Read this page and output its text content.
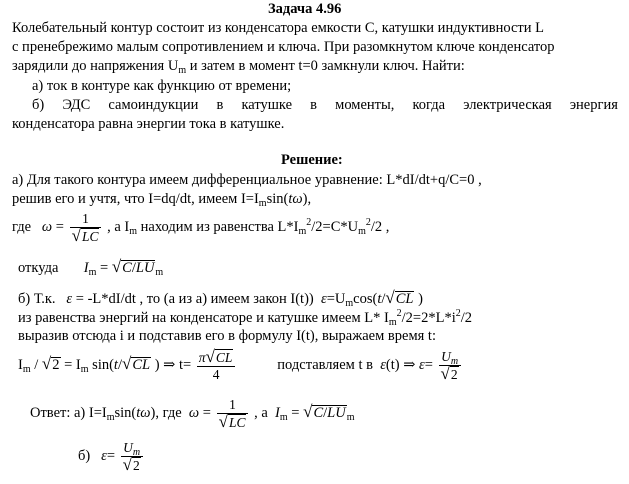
Задача 4.96
Колебательный контур состоит из конденсатора емкости С, катушки индуктивности L
с пренебрежимо малым сопротивлением и ключа. При разомкнутом ключе конденсатор
зарядили до напряжения $U_m$ и затем в момент t=0 замкнули ключ. Найти:
а) ток в контуре как функцию от времени;
б) ЭДС самоиндукции в катушке в моменты, когда электрическая энергия
конденсатора равна энергии тока в катушке.
Решение:
а) Для такого контура имеем дифференциальное уравнение: L*dI/dt+q/C=0 ,
решив его и учтя, что I=dq/dt, имеем $I=I_m\sin(t\omega)$,
где $\omega = \frac{1}{√LC}$ , а $I_m$ находим из равенства $L*I_m^2/2=C*U_m^2/2$ ,
откуда $I_m = √C/LU_m$
б) Т.к. ε = -L*dI/dt , то (а из а) имеем закон I(t)) $\varepsilon=U_m\cos(t/√CL$ )
из равенства энергий на конденсаторе и катушке имеем L* $I_m^2/2=2*L*i^2/2$
выразив отсюда i и подставив его в формулу I(t), выражаем время t:
$I_m / √2 = I_m$ sin(t/√CL ) ⇒ $t= \frac{\pi√CL}{4}$	подставляем t в ε(t) ⇒ $\varepsilon= \frac{U_m}{√2}$
Ответ: а) $I=I_m\sin(t\omega)$, где $\omega = \frac{1}{√LC}$ , а $I_m = √C/LU_m$
б) $\varepsilon= \frac{U_m}{√2}$
